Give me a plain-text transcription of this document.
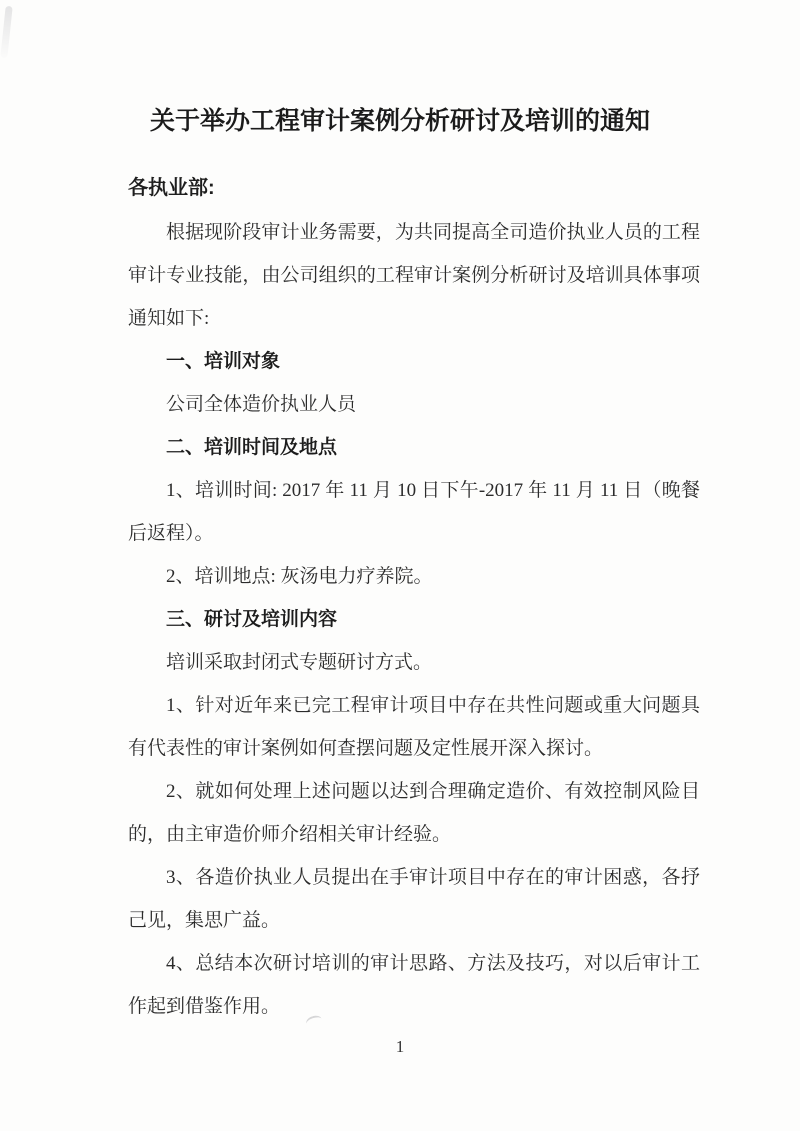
关于举办工程审计案例分析研讨及培训的通知
各执业部:

根据现阶段审计业务需要，为共同提高全司造价执业人员的工程审计专业技能，由公司组织的工程审计案例分析研讨及培训具体事项通知如下:

一、培训对象

公司全体造价执业人员

二、培训时间及地点

1、培训时间: 2017 年 11 月 10 日下午-2017 年 11 月 11 日（晚餐后返程）。

2、培训地点: 灰汤电力疗养院。

三、研讨及培训内容

培训采取封闭式专题研讨方式。

1、针对近年来已完工程审计项目中存在共性问题或重大问题具有代表性的审计案例如何查摆问题及定性展开深入探讨。

2、就如何处理上述问题以达到合理确定造价、有效控制风险目的，由主审造价师介绍相关审计经验。

3、各造价执业人员提出在手审计项目中存在的审计困惑，各抒己见，集思广益。

4、总结本次研讨培训的审计思路、方法及技巧，对以后审计工作起到借鉴作用。

1
